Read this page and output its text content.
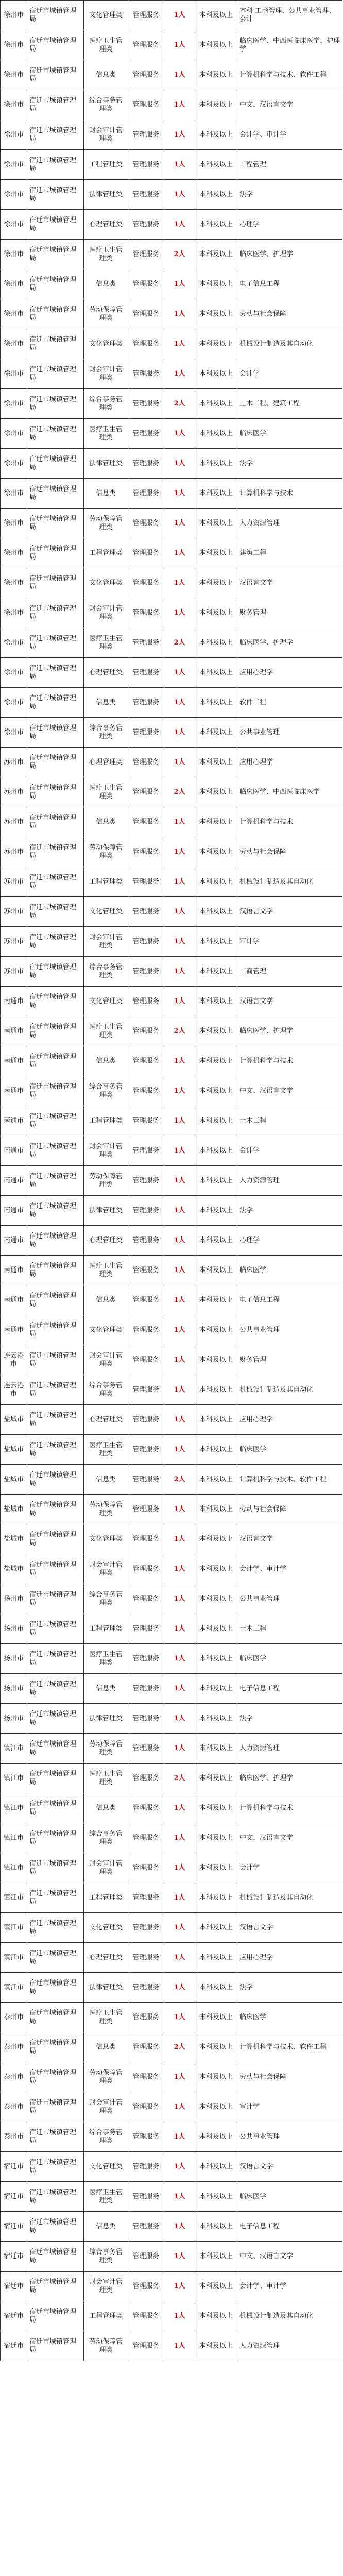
徐州市	宿迁市城镇管理局	文化管理类	管理服务	1人	本科及以上	本科 工商管理、公共事业管理、会计
徐州市	宿迁市城镇管理局	医疗卫生管理类	管理服务	1人	本科及以上	临床医学、中西医临床医学、护理学
徐州市	宿迁市城镇管理局	信息类	管理服务	1人	本科及以上	计算机科学与技术、软件工程
徐州市	宿迁市城镇管理局	综合事务管理类	管理服务	1人	本科及以上	中文、汉语言文学
徐州市	宿迁市城镇管理局	财会审计管理类	管理服务	1人	本科及以上	会计学、审计学
徐州市	宿迁市城镇管理局	工程管理类	管理服务	1人	本科及以上	工程管理
徐州市	宿迁市城镇管理局	法律管理类	管理服务	1人	本科及以上	法学
徐州市	宿迁市城镇管理局	心理管理类	管理服务	1人	本科及以上	心理学
徐州市	宿迁市城镇管理局	医疗卫生管理类	管理服务	2人	本科及以上	临床医学、护理学
徐州市	宿迁市城镇管理局	信息类	管理服务	1人	本科及以上	电子信息工程
徐州市	宿迁市城镇管理局	劳动保障管理类	管理服务	1人	本科及以上	劳动与社会保障
徐州市	宿迁市城镇管理局	文化管理类	管理服务	1人	本科及以上	机械设计制造及其自动化
徐州市	宿迁市城镇管理局	财会审计管理类	管理服务	1人	本科及以上	会计学
徐州市	宿迁市城镇管理局	综合事务管理类	管理服务	2人	本科及以上	土木工程、建筑工程
徐州市	宿迁市城镇管理局	医疗卫生管理类	管理服务	1人	本科及以上	临床医学
徐州市	宿迁市城镇管理局	法律管理类	管理服务	1人	本科及以上	法学
徐州市	宿迁市城镇管理局	信息类	管理服务	1人	本科及以上	计算机科学与技术
徐州市	宿迁市城镇管理局	劳动保障管理类	管理服务	1人	本科及以上	人力资源管理
徐州市	宿迁市城镇管理局	工程管理类	管理服务	1人	本科及以上	建筑工程
徐州市	宿迁市城镇管理局	文化管理类	管理服务	1人	本科及以上	汉语言文学
徐州市	宿迁市城镇管理局	财会审计管理类	管理服务	1人	本科及以上	财务管理
徐州市	宿迁市城镇管理局	医疗卫生管理类	管理服务	2人	本科及以上	临床医学、护理学
徐州市	宿迁市城镇管理局	心理管理类	管理服务	1人	本科及以上	应用心理学
徐州市	宿迁市城镇管理局	信息类	管理服务	1人	本科及以上	软件工程
徐州市	宿迁市城镇管理局	综合事务管理类	管理服务	1人	本科及以上	公共事业管理
苏州市	宿迁市城镇管理局	心理管理类	管理服务	1人	本科及以上	应用心理学
苏州市	宿迁市城镇管理局	医疗卫生管理类	管理服务	2人	本科及以上	临床医学、中西医临床医学
苏州市	宿迁市城镇管理局	信息类	管理服务	1人	本科及以上	计算机科学与技术
苏州市	宿迁市城镇管理局	劳动保障管理类	管理服务	1人	本科及以上	劳动与社会保障
苏州市	宿迁市城镇管理局	工程管理类	管理服务	1人	本科及以上	机械设计制造及其自动化
苏州市	宿迁市城镇管理局	文化管理类	管理服务	1人	本科及以上	汉语言文学
苏州市	宿迁市城镇管理局	财会审计管理类	管理服务	1人	本科及以上	审计学
苏州市	宿迁市城镇管理局	综合事务管理类	管理服务	1人	本科及以上	工商管理
南通市	宿迁市城镇管理局	文化管理类	管理服务	1人	本科及以上	汉语言文学
南通市	宿迁市城镇管理局	医疗卫生管理类	管理服务	2人	本科及以上	临床医学、护理学
南通市	宿迁市城镇管理局	信息类	管理服务	1人	本科及以上	计算机科学与技术
南通市	宿迁市城镇管理局	综合事务管理类	管理服务	1人	本科及以上	中文、汉语言文学
南通市	宿迁市城镇管理局	工程管理类	管理服务	1人	本科及以上	土木工程
南通市	宿迁市城镇管理局	财会审计管理类	管理服务	1人	本科及以上	会计学
南通市	宿迁市城镇管理局	劳动保障管理类	管理服务	1人	本科及以上	人力资源管理
南通市	宿迁市城镇管理局	法律管理类	管理服务	1人	本科及以上	法学
南通市	宿迁市城镇管理局	心理管理类	管理服务	1人	本科及以上	心理学
南通市	宿迁市城镇管理局	医疗卫生管理类	管理服务	1人	本科及以上	临床医学
南通市	宿迁市城镇管理局	信息类	管理服务	1人	本科及以上	电子信息工程
南通市	宿迁市城镇管理局	文化管理类	管理服务	1人	本科及以上	公共事业管理
连云港市	宿迁市城镇管理局	财会审计管理类	管理服务	1人	本科及以上	财务管理
连云港市	宿迁市城镇管理局	综合事务管理类	管理服务	1人	本科及以上	机械设计制造及其自动化
盐城市	宿迁市城镇管理局	心理管理类	管理服务	1人	本科及以上	应用心理学
盐城市	宿迁市城镇管理局	医疗卫生管理类	管理服务	1人	本科及以上	临床医学
盐城市	宿迁市城镇管理局	信息类	管理服务	2人	本科及以上	计算机科学与技术、软件工程
盐城市	宿迁市城镇管理局	劳动保障管理类	管理服务	1人	本科及以上	劳动与社会保障
盐城市	宿迁市城镇管理局	文化管理类	管理服务	1人	本科及以上	汉语言文学
盐城市	宿迁市城镇管理局	财会审计管理类	管理服务	1人	本科及以上	会计学、审计学
扬州市	宿迁市城镇管理局	综合事务管理类	管理服务	1人	本科及以上	公共事业管理
扬州市	宿迁市城镇管理局	工程管理类	管理服务	1人	本科及以上	土木工程
扬州市	宿迁市城镇管理局	医疗卫生管理类	管理服务	1人	本科及以上	临床医学
扬州市	宿迁市城镇管理局	信息类	管理服务	1人	本科及以上	电子信息工程
扬州市	宿迁市城镇管理局	法律管理类	管理服务	1人	本科及以上	法学
镇江市	宿迁市城镇管理局	劳动保障管理类	管理服务	1人	本科及以上	人力资源管理
镇江市	宿迁市城镇管理局	医疗卫生管理类	管理服务	2人	本科及以上	临床医学、护理学
镇江市	宿迁市城镇管理局	信息类	管理服务	1人	本科及以上	计算机科学与技术
镇江市	宿迁市城镇管理局	综合事务管理类	管理服务	1人	本科及以上	中文、汉语言文学
镇江市	宿迁市城镇管理局	财会审计管理类	管理服务	1人	本科及以上	会计学
镇江市	宿迁市城镇管理局	工程管理类	管理服务	1人	本科及以上	机械设计制造及其自动化
镇江市	宿迁市城镇管理局	文化管理类	管理服务	1人	本科及以上	汉语言文学
镇江市	宿迁市城镇管理局	心理管理类	管理服务	1人	本科及以上	应用心理学
镇江市	宿迁市城镇管理局	法律管理类	管理服务	1人	本科及以上	法学
泰州市	宿迁市城镇管理局	医疗卫生管理类	管理服务	1人	本科及以上	临床医学
泰州市	宿迁市城镇管理局	信息类	管理服务	2人	本科及以上	计算机科学与技术、软件工程
泰州市	宿迁市城镇管理局	劳动保障管理类	管理服务	1人	本科及以上	劳动与社会保障
泰州市	宿迁市城镇管理局	财会审计管理类	管理服务	1人	本科及以上	审计学
泰州市	宿迁市城镇管理局	综合事务管理类	管理服务	1人	本科及以上	公共事业管理
宿迁市	宿迁市城镇管理局	文化管理类	管理服务	1人	本科及以上	汉语言文学
宿迁市	宿迁市城镇管理局	医疗卫生管理类	管理服务	1人	本科及以上	临床医学
宿迁市	宿迁市城镇管理局	信息类	管理服务	1人	本科及以上	电子信息工程
宿迁市	宿迁市城镇管理局	综合事务管理类	管理服务	1人	本科及以上	中文、汉语言文学
宿迁市	宿迁市城镇管理局	财会审计管理类	管理服务	1人	本科及以上	会计学、审计学
宿迁市	宿迁市城镇管理局	工程管理类	管理服务	1人	本科及以上	机械设计制造及其自动化
宿迁市	宿迁市城镇管理局	劳动保障管理类	管理服务	1人	本科及以上	人力资源管理
